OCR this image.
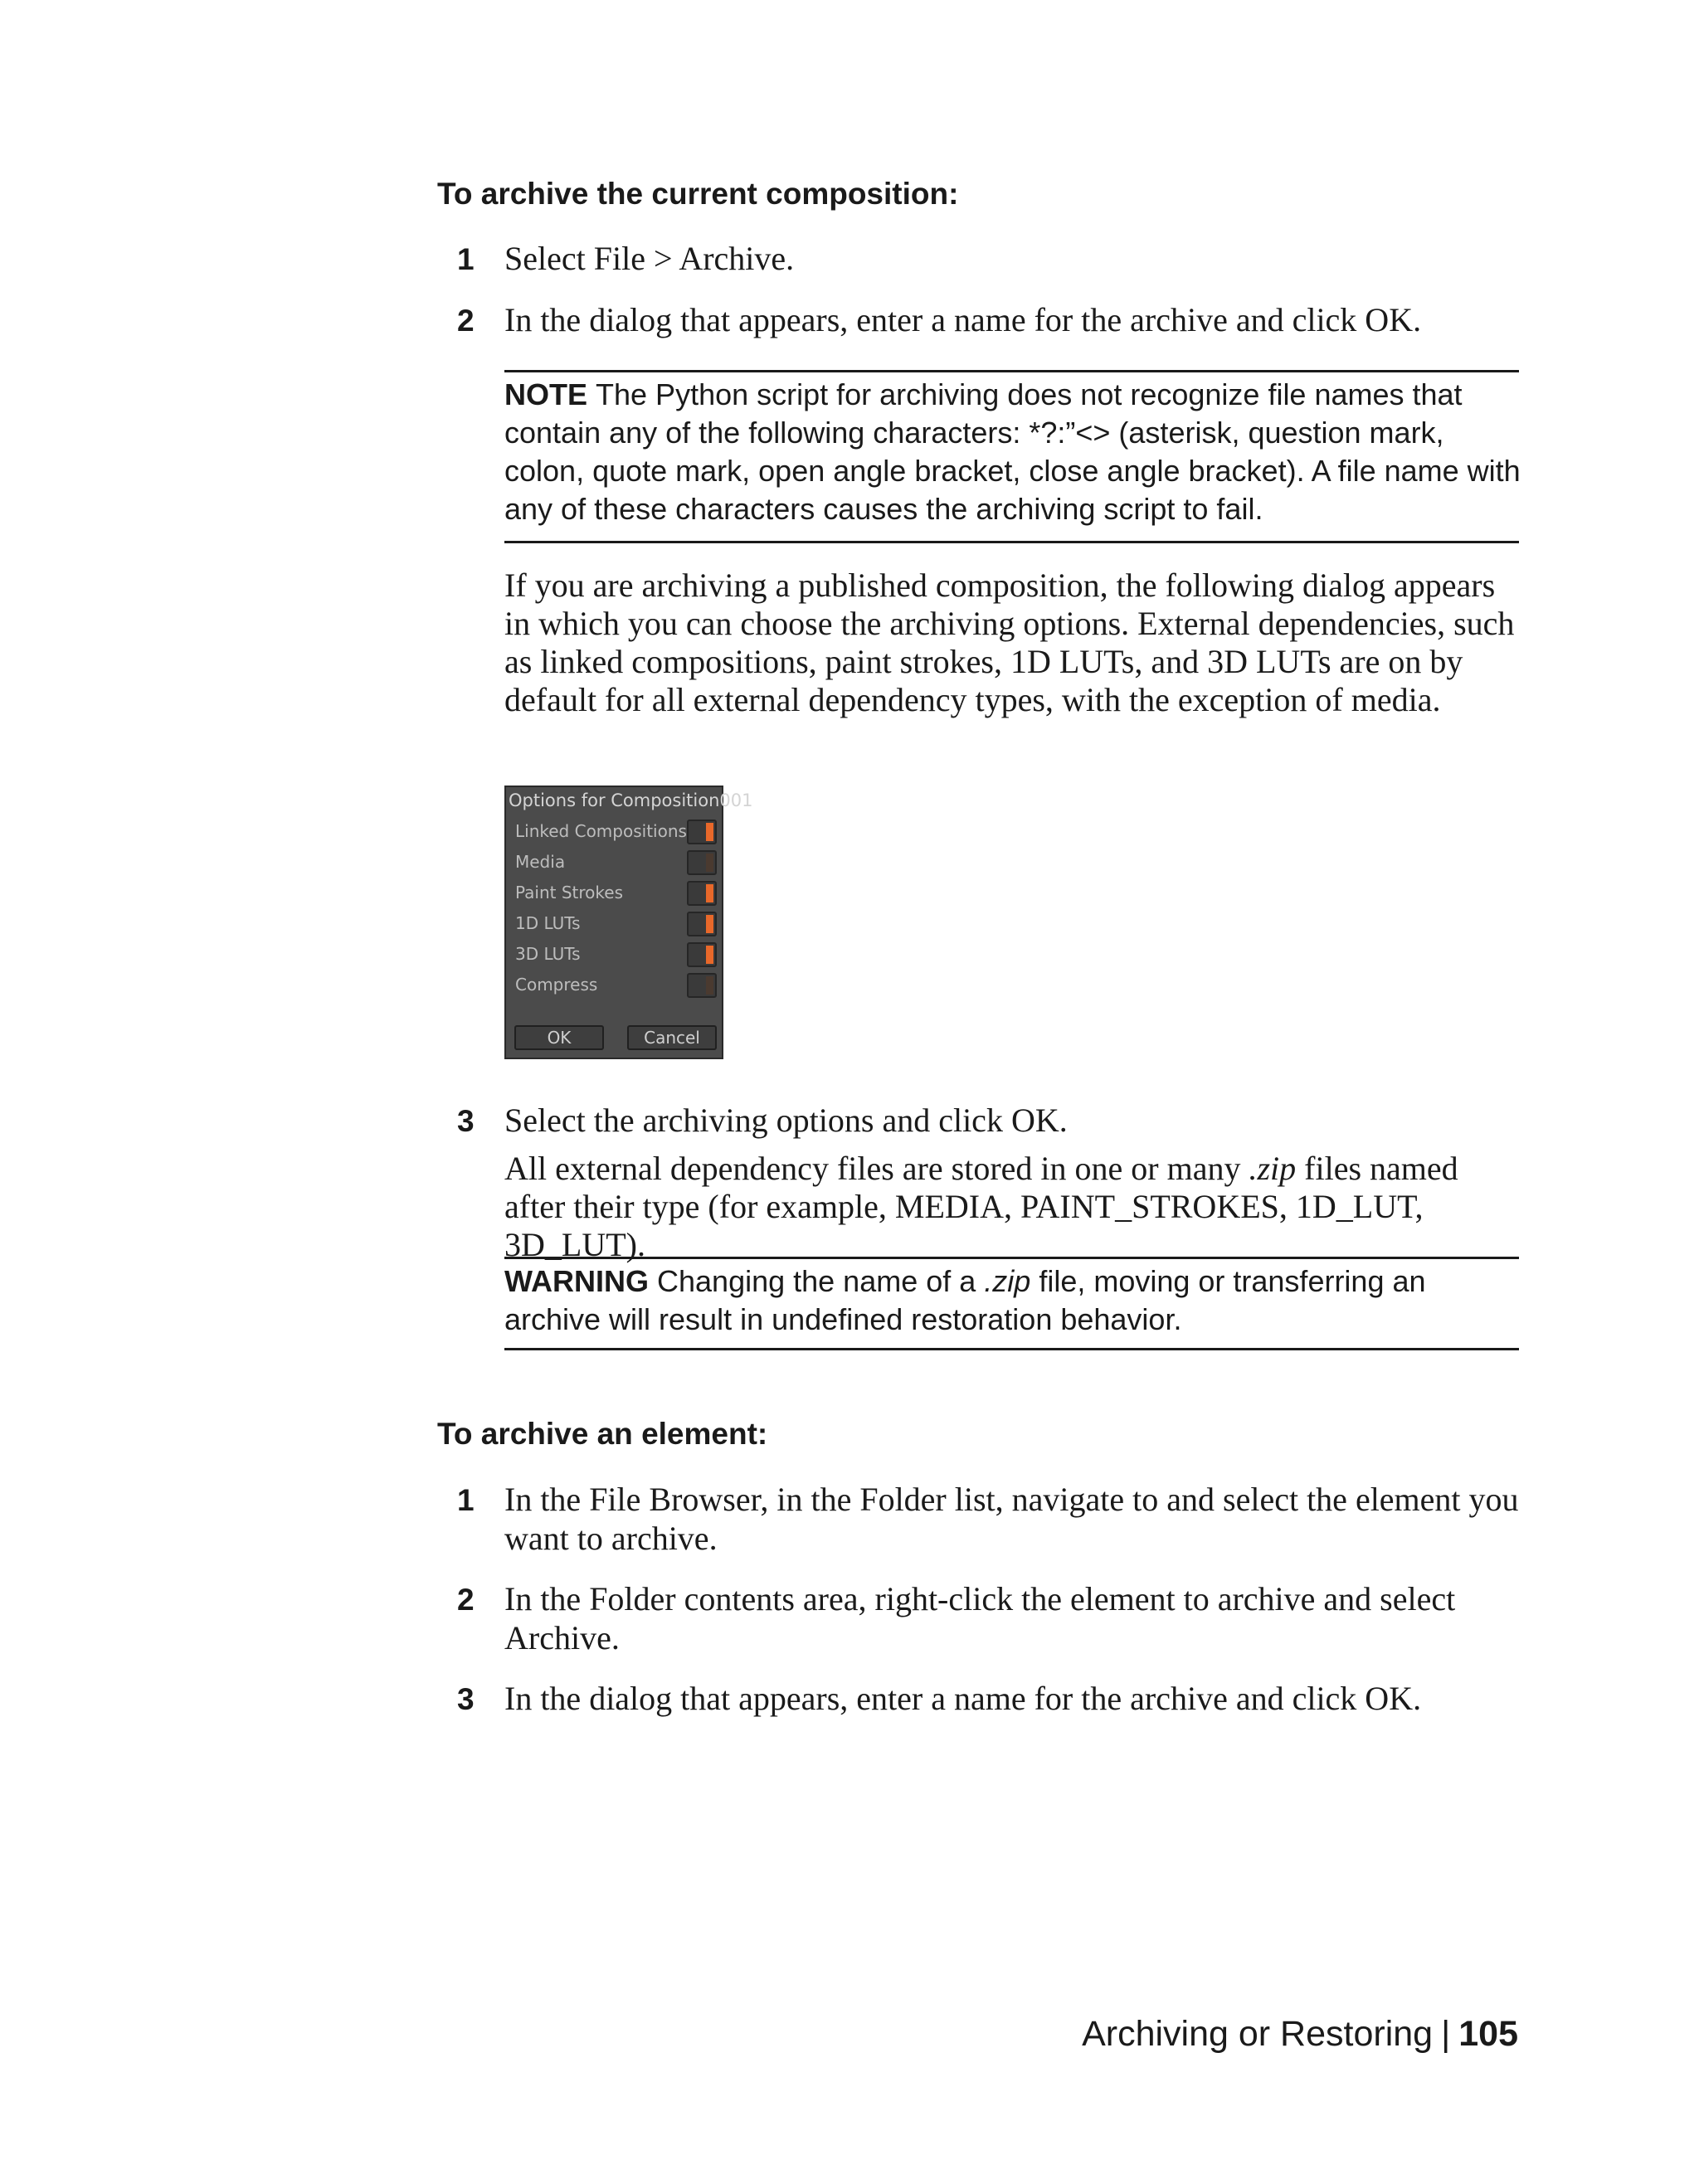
To archive the current composition:
1 Select File > Archive.
2 In the dialog that appears, enter a name for the archive and click OK.
NOTE The Python script for archiving does not recognize file names that contain any of the following characters: *?:”<> (asterisk, question mark, colon, quote mark, open angle bracket, close angle bracket). A file name with any of these characters causes the archiving script to fail.
If you are archiving a published composition, the following dialog appears in which you can choose the archiving options. External dependencies, such as linked compositions, paint strokes, 1D LUTs, and 3D LUTs are on by default for all external dependency types, with the exception of media.
Options for Composition001
Linked Compositions
Media
Paint Strokes
1D LUTs
3D LUTs
Compress
OK	Cancel
3 Select the archiving options and click OK.
All external dependency files are stored in one or many .zip files named after their type (for example, MEDIA, PAINT_STROKES, 1D_LUT, 3D_LUT).
WARNING Changing the name of a .zip file, moving or transferring an archive will result in undefined restoration behavior.
To archive an element:
1 In the File Browser, in the Folder list, navigate to and select the element you want to archive.
2 In the Folder contents area, right-click the element to archive and select Archive.
3 In the dialog that appears, enter a name for the archive and click OK.
Archiving or Restoring | 105
